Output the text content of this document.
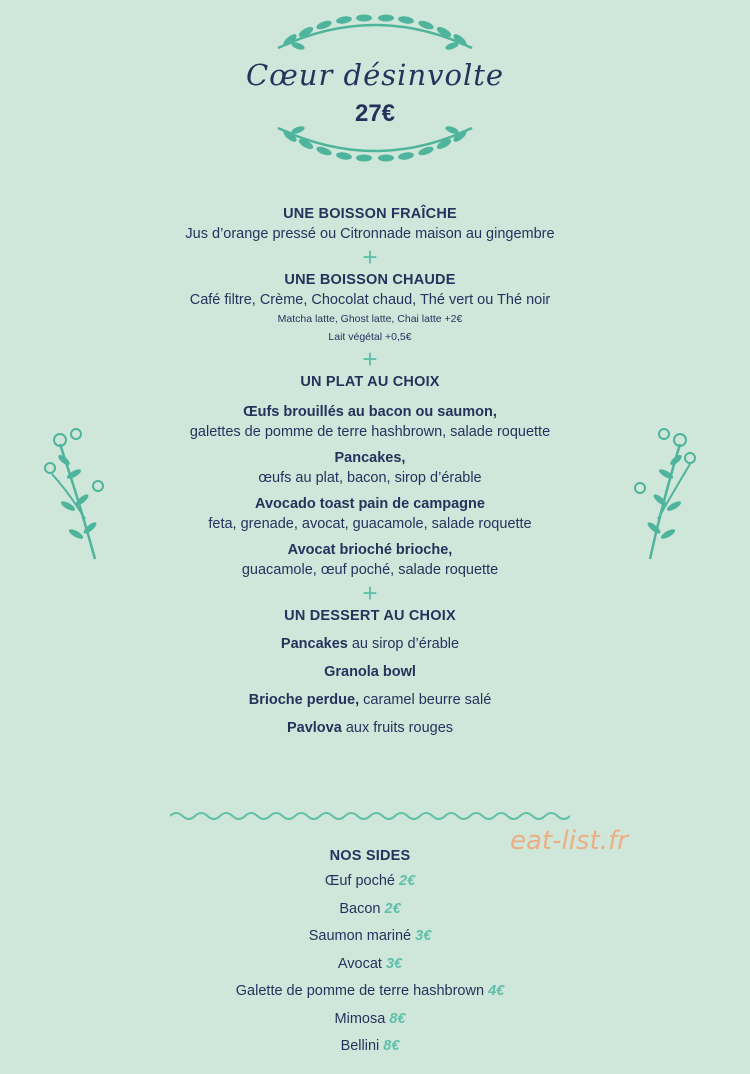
Cœur désinvolte
27€
UNE BOISSON FRAÎCHE
Jus d’orange pressé ou Citronnade maison au gingembre
+
UNE BOISSON CHAUDE
Café filtre, Crème, Chocolat chaud, Thé vert ou Thé noir
Matcha latte, Ghost latte, Chai latte +2€
Lait végétal +0,5€
+
UN PLAT AU CHOIX
Œufs brouillés au bacon ou saumon,
galettes de pomme de terre hashbrown, salade roquette
Pancakes,
œufs au plat, bacon, sirop d’érable
Avocado toast pain de campagne
feta, grenade, avocat, guacamole, salade roquette
Avocat brioché brioche,
guacamole, œuf poché, salade roquette
+
UN DESSERT AU CHOIX
Pancakes au sirop d’érable
Granola bowl
Brioche perdue, caramel beurre salé
Pavlova aux fruits rouges
eat-list.fr
NOS SIDES
Œuf poché 2€
Bacon 2€
Saumon mariné 3€
Avocat 3€
Galette de pomme de terre hashbrown 4€
Mimosa 8€
Bellini 8€
